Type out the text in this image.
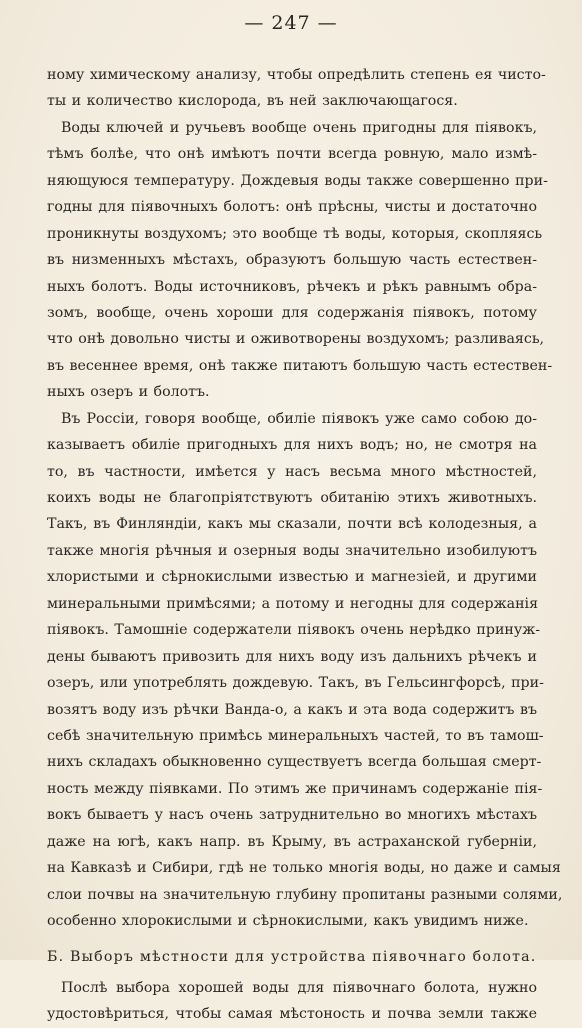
— 247 —
ному химическому анализу, чтобы опредѣлить степень ея чисто-
ты и количество кислорода, въ ней заключающагося.
Воды ключей и ручьевъ вообще очень пригодны для піявокъ,
тѣмъ болѣе, что онѣ имѣютъ почти всегда ровную, мало измѣ-
няющуюся температуру. Дождевыя воды также совершенно при-
годны для піявочныхъ болотъ: онѣ прѣсны, чисты и достаточно
проникнуты воздухомъ; это вообще тѣ воды, которыя, скопляясь
въ низменныхъ мѣстахъ, образуютъ большую часть естествен-
ныхъ болотъ. Воды источниковъ, рѣчекъ и рѣкъ равнымъ обра-
зомъ, вообще, очень хороши для содержанія піявокъ, потому
что онѣ довольно чисты и оживотворены воздухомъ; разливаясь,
въ весеннее время, онѣ также питаютъ большую часть естествен-
ныхъ озеръ и болотъ.
Въ Россіи, говоря вообще, обиліе піявокъ уже само собою до-
казываетъ обиліе пригодныхъ для нихъ водъ; но, не смотря на
то, въ частности, имѣется у насъ весьма много мѣстностей,
коихъ воды не благопріятствуютъ обитанію этихъ животныхъ.
Такъ, въ Финляндіи, какъ мы сказали, почти всѣ колодезныя, а
также многія рѣчныя и озерныя воды значительно изобилуютъ
хлористыми и сѣрнокислыми известью и магнезіей, и другими
минеральными примѣсями; а потому и негодны для содержанія
піявокъ. Тамошніе содержатели піявокъ очень нерѣдко принуж-
дены бываютъ привозить для нихъ воду изъ дальнихъ рѣчекъ и
озеръ, или употреблять дождевую. Такъ, въ Гельсингфорсѣ, при-
возятъ воду изъ рѣчки Ванда-о, а какъ и эта вода содержитъ въ
себѣ значительную примѣсь минеральныхъ частей, то въ тамош-
нихъ складахъ обыкновенно существуетъ всегда большая смерт-
ность между піявками. По этимъ же причинамъ содержаніе пія-
вокъ бываетъ у насъ очень затруднительно во многихъ мѣстахъ
даже на югѣ, какъ напр. въ Крыму, въ астраханской губерніи,
на Кавказѣ и Сибири, гдѣ не только многія воды, но даже и самыя
слои почвы на значительную глубину пропитаны разными солями,
особенно хлорокислыми и сѣрнокислыми, какъ увидимъ ниже.
Б. Выборъ мѣстности для устройства піявочнаго болота.
Послѣ выбора хорошей воды для піявочнаго болота, нужно
удостовѣриться, чтобы самая мѣстоность и почва земли также
